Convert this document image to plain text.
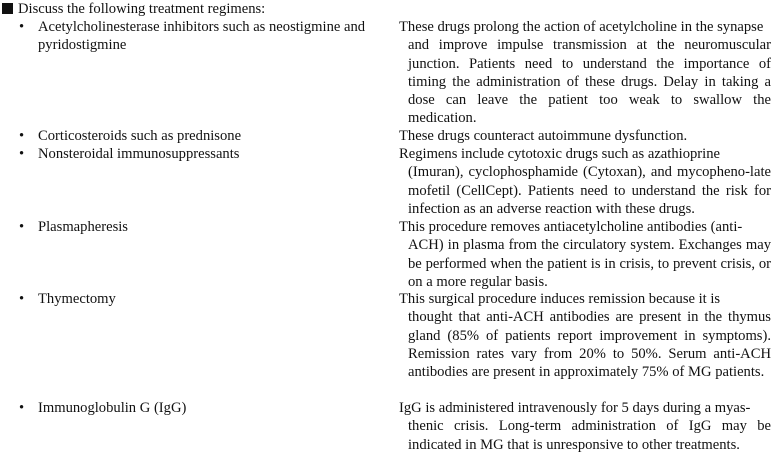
Discuss the following treatment regimens:
• Acetylcholinesterase inhibitors such as neostigmine and pyridostigmine
These drugs prolong the action of acetylcholine in the synapse
and improve impulse transmission at the neuromuscular junction. Patients need to understand the importance of timing the administration of these drugs. Delay in taking a dose can leave the patient too weak to swallow the medication.
• Corticosteroids such as prednisone	These drugs counteract autoimmune dysfunction.
• Nonsteroidal immunosuppressants	Regimens include cytotoxic drugs such as azathioprine
(Imuran), cyclophosphamide (Cytoxan), and mycopheno-late mofetil (CellCept). Patients need to understand the risk for infection as an adverse reaction with these drugs.
• Plasmapheresis	This procedure removes antiacetylcholine antibodies (anti-
ACH) in plasma from the circulatory system. Exchanges may be performed when the patient is in crisis, to prevent crisis, or on a more regular basis.
• Thymectomy	This surgical procedure induces remission because it is
thought that anti-ACH antibodies are present in the thymus gland (85% of patients report improvement in symptoms). Remission rates vary from 20% to 50%. Serum anti-ACH antibodies are present in approximately 75% of MG patients.
• Immunoglobulin G (IgG)	IgG is administered intravenously for 5 days during a myas-
thenic crisis. Long-term administration of IgG may be indicated in MG that is unresponsive to other treatments.
